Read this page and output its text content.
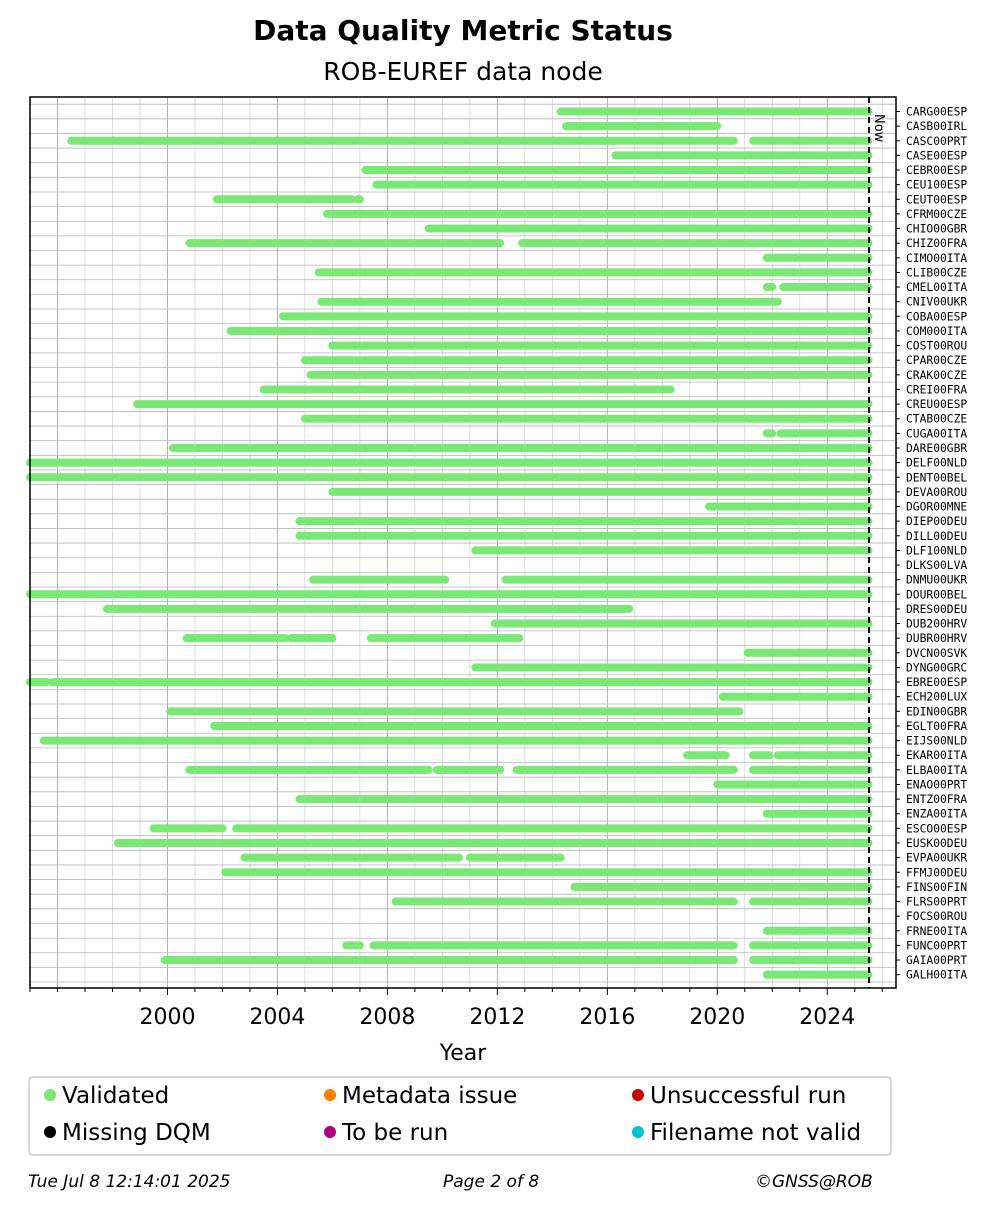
Data Quality Metric Status
ROB-EUREF data node
Now
CARG00ESP
CASB00IRL
CASC00PRT
CASE00ESP
CEBR00ESP
CEU100ESP
CEUT00ESP
CFRM00CZE
CHIO00GBR
CHIZ00FRA
CIMO00ITA
CLIB00CZE
CMEL00ITA
CNIV00UKR
COBA00ESP
COM000ITA
COST00ROU
CPAR00CZE
CRAK00CZE
CREI00FRA
CREU00ESP
CTAB00CZE
CUGA00ITA
DARE00GBR
DELF00NLD
DENT00BEL
DEVA00ROU
DGOR00MNE
DIEP00DEU
DILL00DEU
DLF100NLD
DLKS00LVA
DNMU00UKR
DOUR00BEL
DRES00DEU
DUB200HRV
DUBR00HRV
DVCN00SVK
DYNG00GRC
EBRE00ESP
ECH200LUX
EDIN00GBR
EGLT00FRA
EIJS00NLD
EKAR00ITA
ELBA00ITA
ENAO00PRT
ENTZ00FRA
ENZA00ITA
ESCO00ESP
EUSK00DEU
EVPA00UKR
FFMJ00DEU
FINS00FIN
FLRS00PRT
FOCS00ROU
FRNE00ITA
FUNC00PRT
GAIA00PRT
GALH00ITA
2000 2004 2008 2012 2016 2020 2024
Year
Validated	Metadata issue	Unsuccessful run
Missing DQM	To be run	Filename not valid
Tue Jul 8 12:14:01 2025	Page 2 of 8	©GNSS@ROB
